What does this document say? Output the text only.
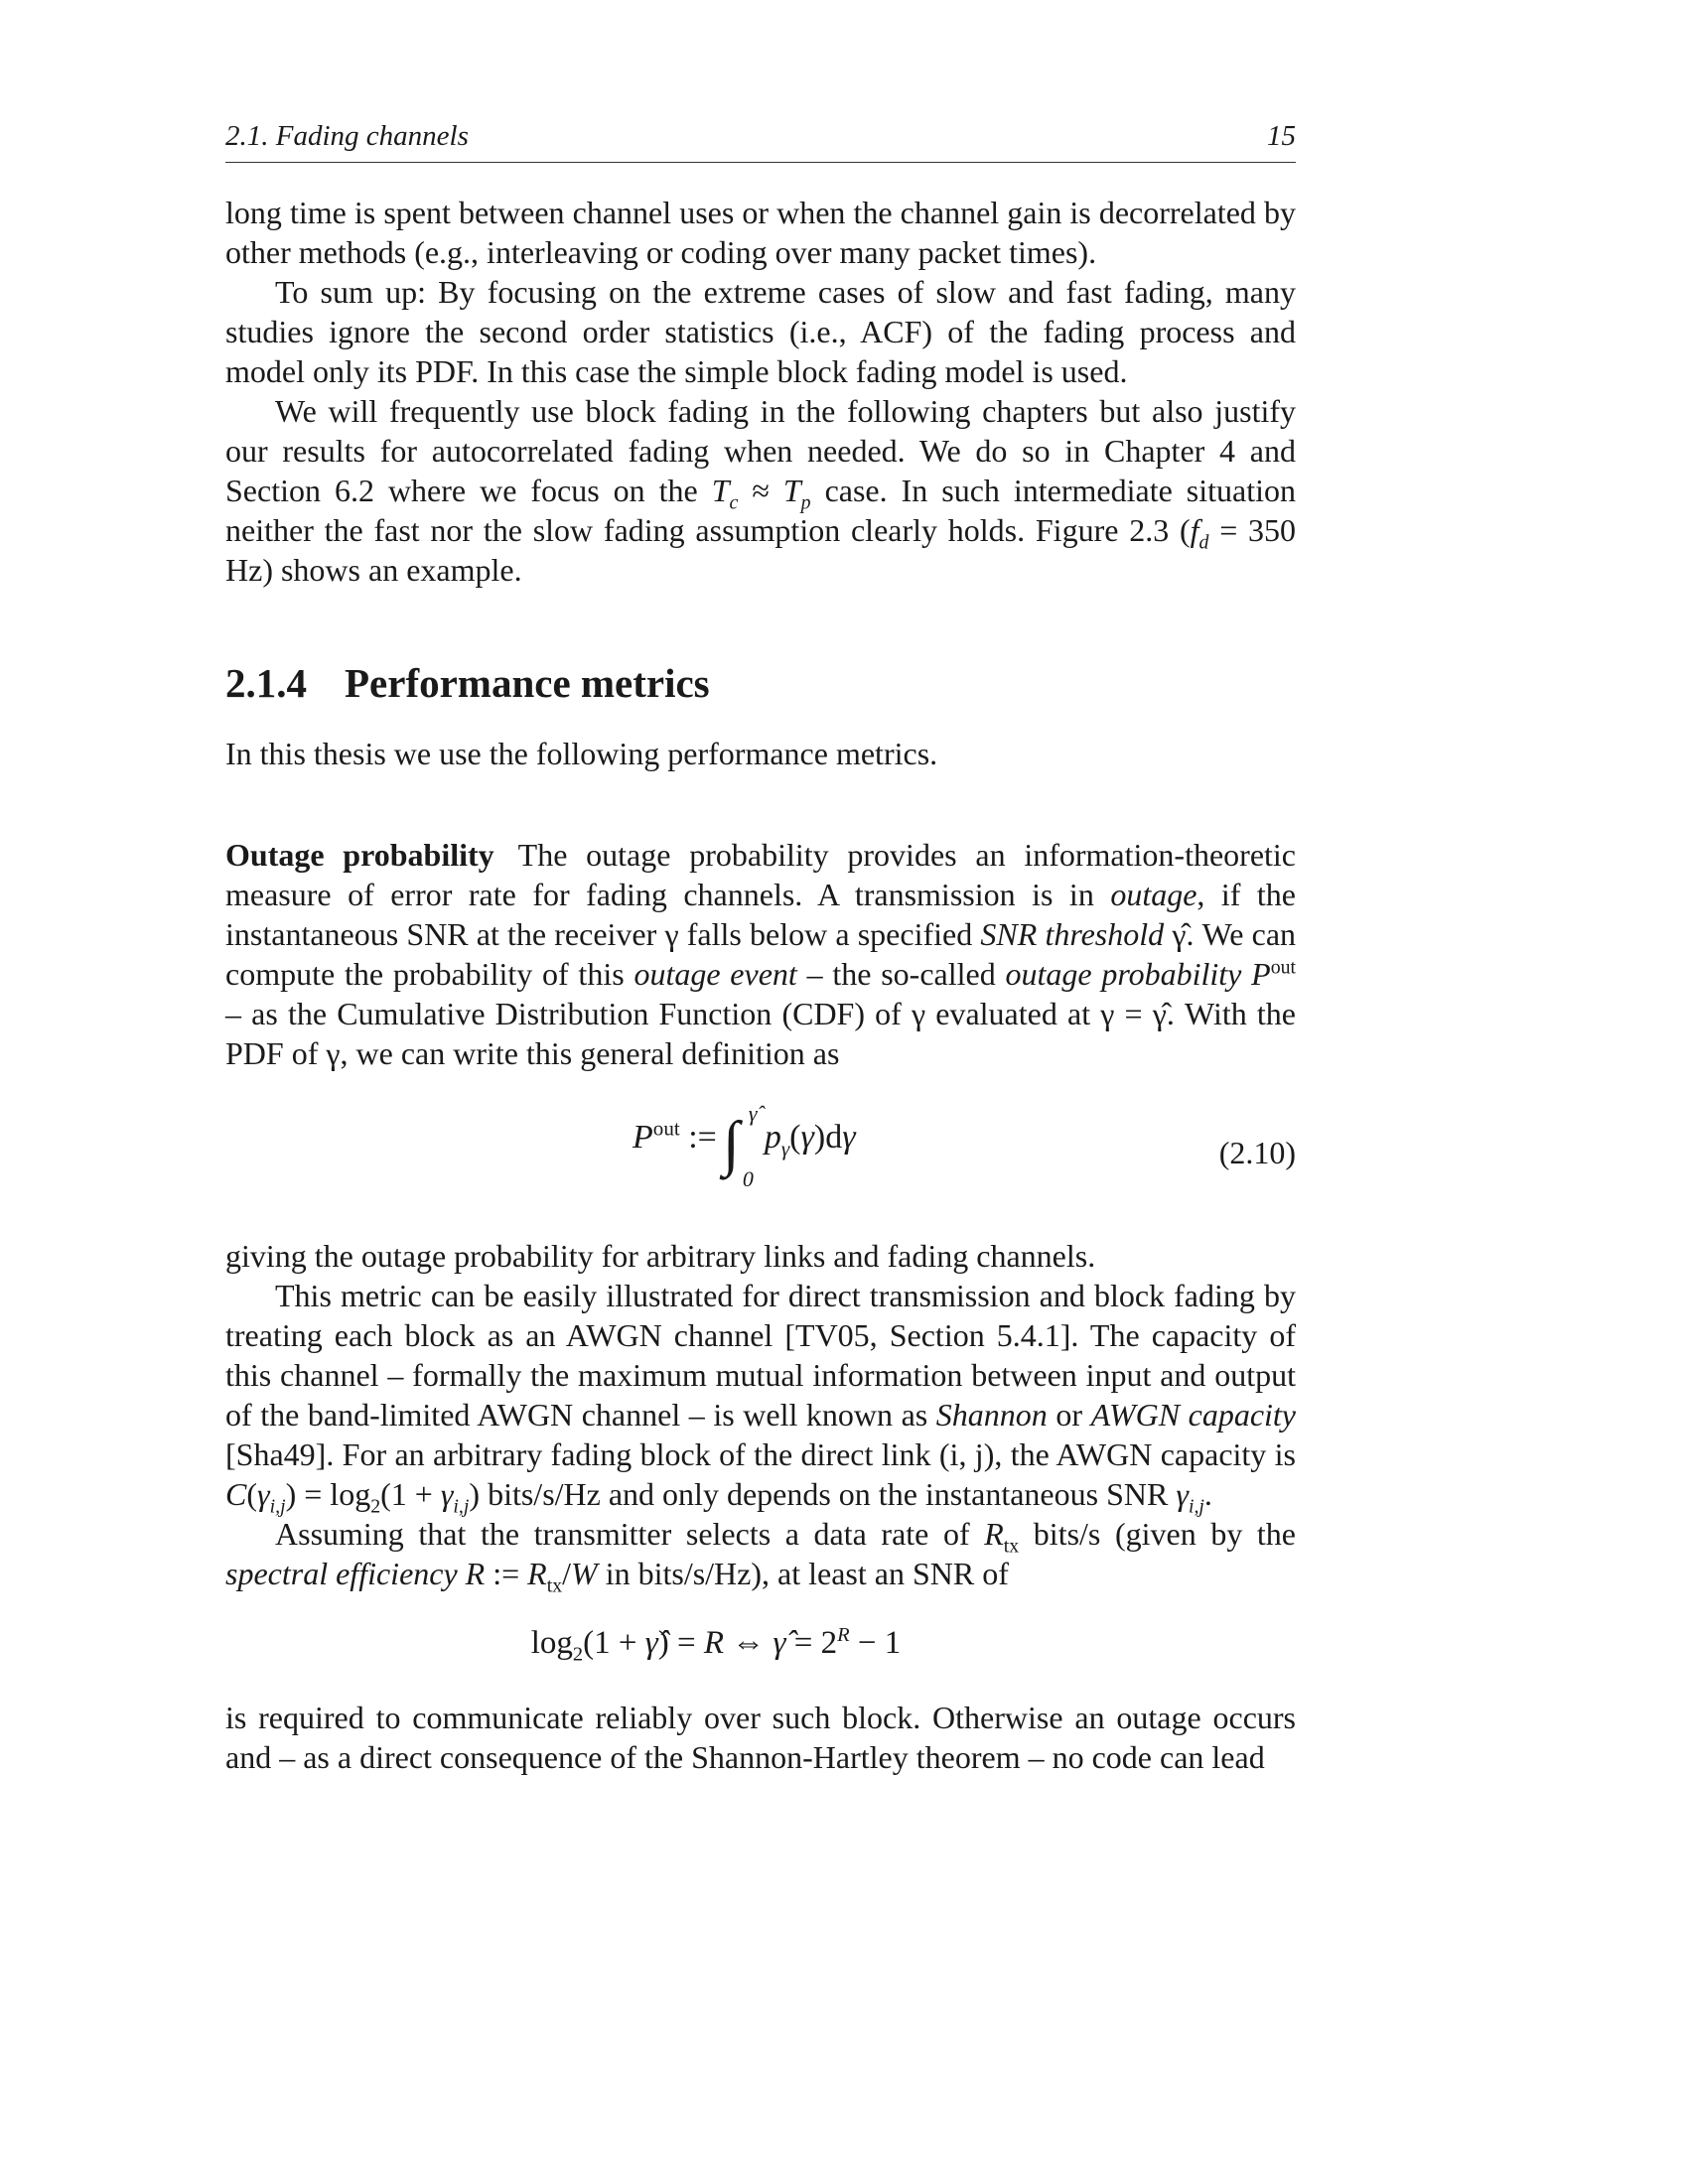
2.1. Fading channels	15

long time is spent between channel uses or when the channel gain is decorrelated by other methods (e.g., interleaving or coding over many packet times).

To sum up: By focusing on the extreme cases of slow and fast fading, many studies ignore the second order statistics (i.e., ACF) of the fading process and model only its PDF. In this case the simple block fading model is used.

We will frequently use block fading in the following chapters but also justify our results for autocorrelated fading when needed. We do so in Chapter 4 and Section 6.2 where we focus on the $T_c \approx T_p$ case. In such intermediate situation neither the fast nor the slow fading assumption clearly holds. Figure 2.3 ($f_d = 350$ Hz) shows an example.

2.1.4 Performance metrics

In this thesis we use the following performance metrics.

Outage probability The outage probability provides an information-theoretic measure of error rate for fading channels. A transmission is in outage, if the instantaneous SNR at the receiver γ falls below a specified SNR threshold γ̂. We can compute the probability of this outage event – the so-called outage probability $P^{out}$ – as the Cumulative Distribution Function (CDF) of γ evaluated at γ = γ̂. With the PDF of γ, we can write this general definition as

$P^{out}$ :=∫ γ̂
0
$p_\gamma(\gamma)d\gamma$	(2.10)

giving the outage probability for arbitrary links and fading channels.

This metric can be easily illustrated for direct transmission and block fading by treating each block as an AWGN channel [TV05, Section 5.4.1]. The capacity of this channel – formally the maximum mutual information between input and output of the band-limited AWGN channel – is well known as Shannon or AWGN capacity [Sha49]. For an arbitrary fading block of the direct link (i, j), the AWGN capacity is $C(\gamma_{i,j}) = \log_2(1 + \gamma_{i,j})$ bits/s/Hz and only depends on the instantaneous SNR $\gamma_{i,j}$.

Assuming that the transmitter selects a data rate of $R_{tx}$ bits/s (given by the spectral efficiency R := $R_{tx}/W$ in bits/s/Hz), at least an SNR of

$\log_2(1$ + γ̂) = R ⇔ γ̂ = $2^R - 1$

is required to communicate reliably over such block. Otherwise an outage occurs and – as a direct consequence of the Shannon-Hartley theorem – no code can lead
